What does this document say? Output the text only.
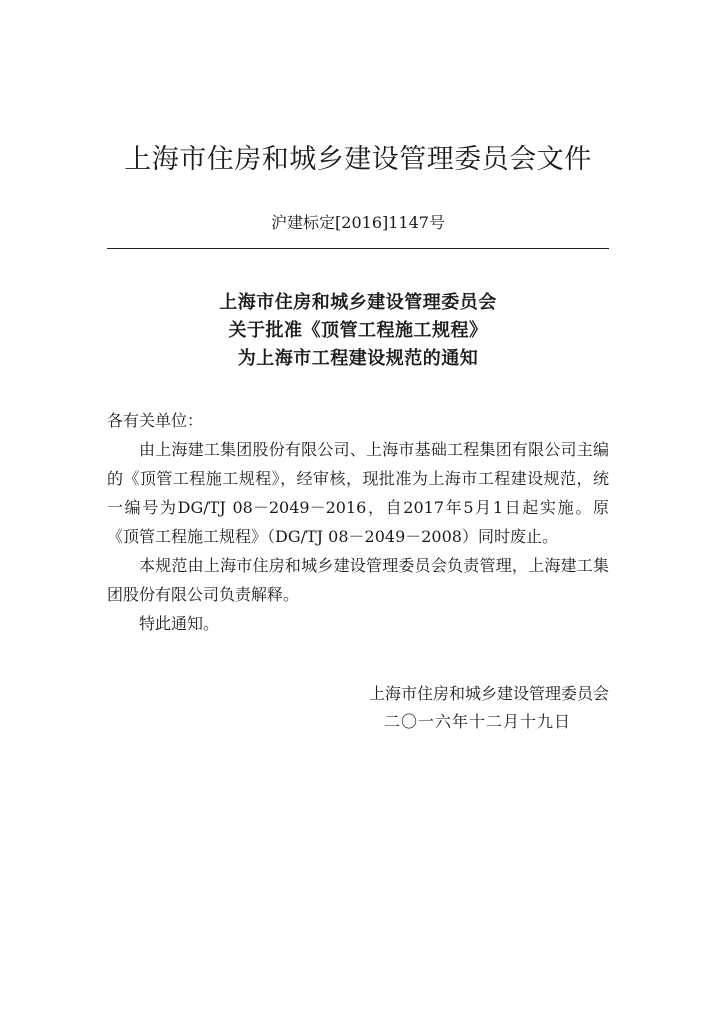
上海市住房和城乡建设管理委员会文件
沪建标定[2016]1147号
上海市住房和城乡建设管理委员会
关于批准《顶管工程施工规程》
为上海市工程建设规范的通知

各有关单位：

由上海建工集团股份有限公司、上海市基础工程集团有限公司主编的《顶管工程施工规程》，经审核，现批准为上海市工程建设规范，统一编号为DG/TJ 08－2049－2016，自2017年5月1日起实施。原《顶管工程施工规程》（DG/TJ 08－2049－2008）同时废止。

本规范由上海市住房和城乡建设管理委员会负责管理，上海建工集团股份有限公司负责解释。

特此通知。

上海市住房和城乡建设管理委员会
二〇一六年十二月十九日
